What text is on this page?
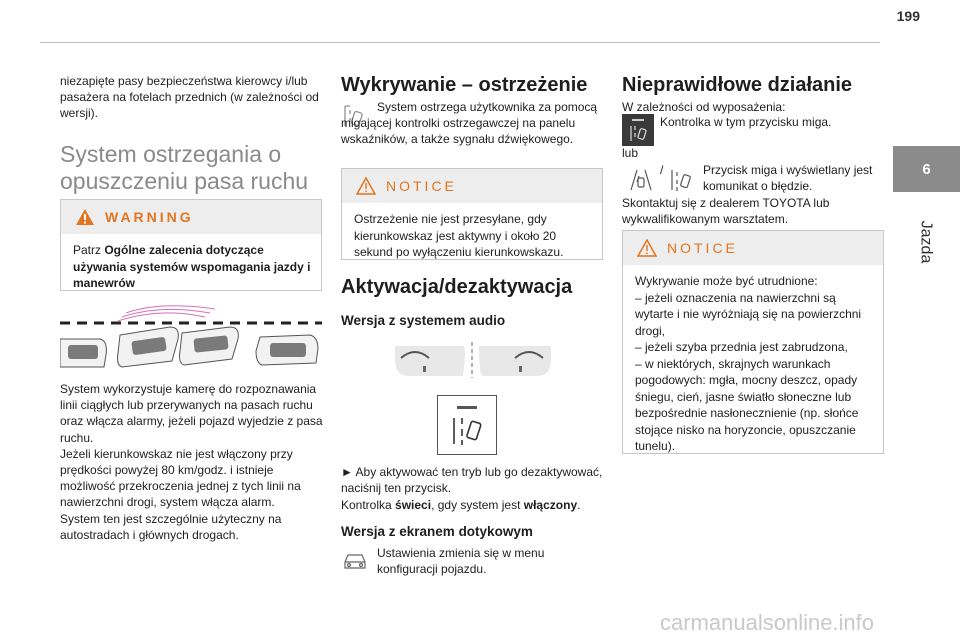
199
6
Jazda

niezapięte pasy bezpieczeństwa kierowcy i/lub pasażera na fotelach przednich (w zależności od wersji).

System ostrzegania o opuszczeniu pasa ruchu
WARNING
Patrz Ogólne zalecenia dotyczące używania systemów wspomagania jazdy i manewrów

System wykorzystuje kamerę do rozpoznawania linii ciągłych lub przerywanych na pasach ruchu oraz włącza alarmy, jeżeli pojazd wyjedzie z pasa ruchu.
Jeżeli kierunkowskaz nie jest włączony przy prędkości powyżej 80 km/godz. i istnieje możliwość przekroczenia jednej z tych linii na nawierzchni drogi, system włącza alarm.
System ten jest szczególnie użyteczny na autostradach i głównych drogach.

Wykrywanie – ostrzeżenie

System ostrzega użytkownika za pomocą migającej kontrolki ostrzegawczej na panelu wskaźników, a także sygnału dźwiękowego.

NOTICE
Ostrzeżenie nie jest przesyłane, gdy kierunkowskaz jest aktywny i około 20 sekund po wyłączeniu kierunkowskazu.
Aktywacja/dezaktywacja
Wersja z systemem audio

► Aby aktywować ten tryb lub go dezaktywować, naciśnij ten przycisk.

Kontrolka świeci, gdy system jest włączony.

Wersja z ekranem dotykowym

Ustawienia zmienia się w menu konfiguracji pojazdu.

Nieprawidłowe działanie

W zależności od wyposażenia:

Kontrolka w tym przycisku miga.

lub

/	Przycisk miga i wyświetlany jest komunikat o błędzie.

Skontaktuj się z dealerem TOYOTA lub wykwalifikowanym warsztatem.

NOTICE
Wykrywanie może być utrudnione:
– jeżeli oznaczenia na nawierzchni są wytarte i nie wyróżniają się na powierzchni drogi,
– jeżeli szyba przednia jest zabrudzona,
– w niektórych, skrajnych warunkach pogodowych: mgła, mocny deszcz, opady śniegu, cień, jasne światło słoneczne lub bezpośrednie nasłonecznienie (np. słońce stojące nisko na horyzoncie, opuszczanie tunelu).
carmanualsonline.info
